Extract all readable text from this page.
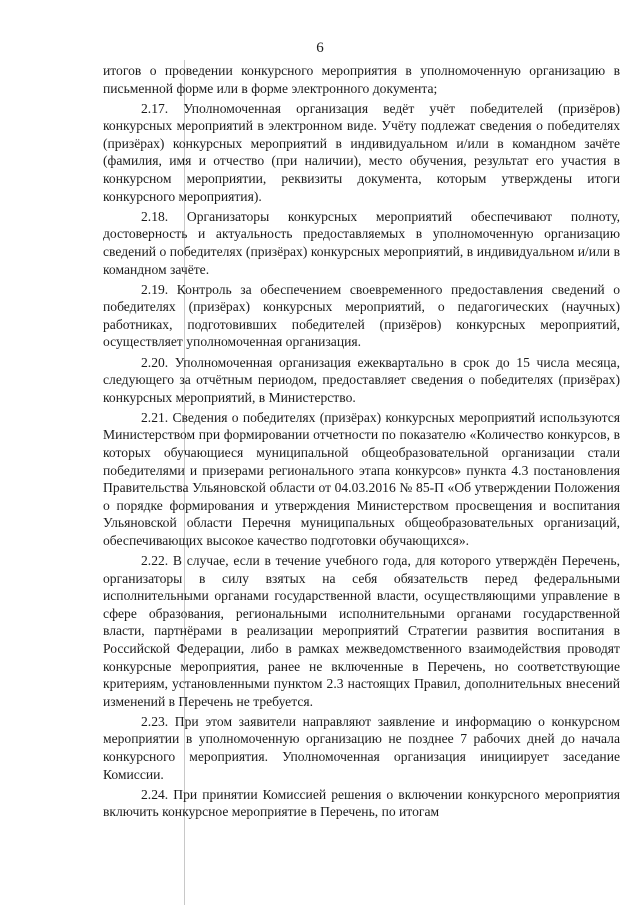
6

итогов о проведении конкурсного мероприятия в уполномоченную организацию в письменной форме или в форме электронного документа;

2.17. Уполномоченная организация ведёт учёт победителей (призёров) конкурсных мероприятий в электронном виде. Учёту подлежат сведения о победителях (призёрах) конкурсных мероприятий в индивидуальном и/или в командном зачёте (фамилия, имя и отчество (при наличии), место обучения, результат его участия в конкурсном мероприятии, реквизиты документа, которым утверждены итоги конкурсного мероприятия).

2.18. Организаторы конкурсных мероприятий обеспечивают полноту, достоверность и актуальность предоставляемых в уполномоченную организацию сведений о победителях (призёрах) конкурсных мероприятий, в индивидуальном и/или в командном зачёте.

2.19. Контроль за обеспечением своевременного предоставления сведений о победителях (призёрах) конкурсных мероприятий, о педагогических (научных) работниках, подготовивших победителей (призёров) конкурсных мероприятий, осуществляет уполномоченная организация.

2.20. Уполномоченная организация ежеквартально в срок до 15 числа месяца, следующего за отчётным периодом, предоставляет сведения о победителях (призёрах) конкурсных мероприятий, в Министерство.

2.21. Сведения о победителях (призёрах) конкурсных мероприятий используются Министерством при формировании отчетности по показателю «Количество конкурсов, в которых обучающиеся муниципальной общеобразовательной организации стали победителями и призерами регионального этапа конкурсов» пункта 4.3 постановления Правительства Ульяновской области от 04.03.2016 № 85-П «Об утверждении Положения о порядке формирования и утверждения Министерством просвещения и воспитания Ульяновской области Перечня муниципальных общеобразовательных организаций, обеспечивающих высокое качество подготовки обучающихся».

2.22. В случае, если в течение учебного года, для которого утверждён Перечень, организаторы в силу взятых на себя обязательств перед федеральными исполнительными органами государственной власти, осуществляющими управление в сфере образования, региональными исполнительными органами государственной власти, партнёрами в реализации мероприятий Стратегии развития воспитания в Российской Федерации, либо в рамках межведомственного взаимодействия проводят конкурсные мероприятия, ранее не включенные в Перечень, но соответствующие критериям, установленными пунктом 2.3 настоящих Правил, дополнительных внесений изменений в Перечень не требуется.

2.23. При этом заявители направляют заявление и информацию о конкурсном мероприятии в уполномоченную организацию не позднее 7 рабочих дней до начала конкурсного мероприятия. Уполномоченная организация инициирует заседание Комиссии.

2.24. При принятии Комиссией решения о включении конкурсного мероприятия включить конкурсное мероприятие в Перечень, по итогам
